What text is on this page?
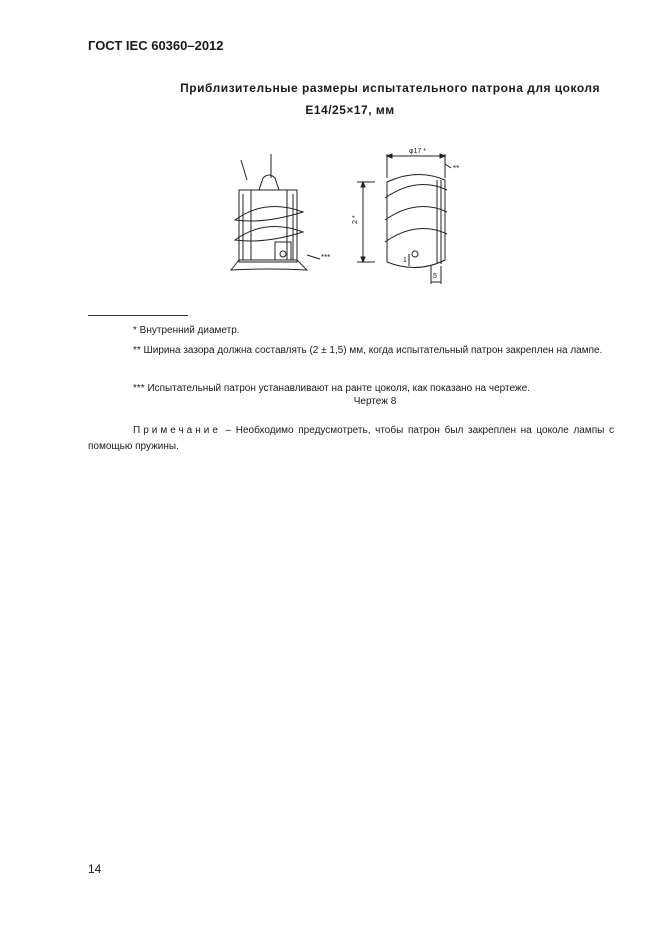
ГОСТ IEC 60360–2012
Приблизительные размеры испытательного патрона для цоколя
E14/25×17, мм
φ17 *
**
2 *
***
5
1
* Внутренний диаметр.
** Ширина зазора должна составлять (2 ± 1,5) мм, когда испытательный патрон закреплен на лампе.
*** Испытательный патрон устанавливают на ранте цоколя, как показано на чертеже.
Чертеж 8
Примечание – Необходимо предусмотреть, чтобы патрон был закреплен на цоколе лампы с помощью пружины.
14
